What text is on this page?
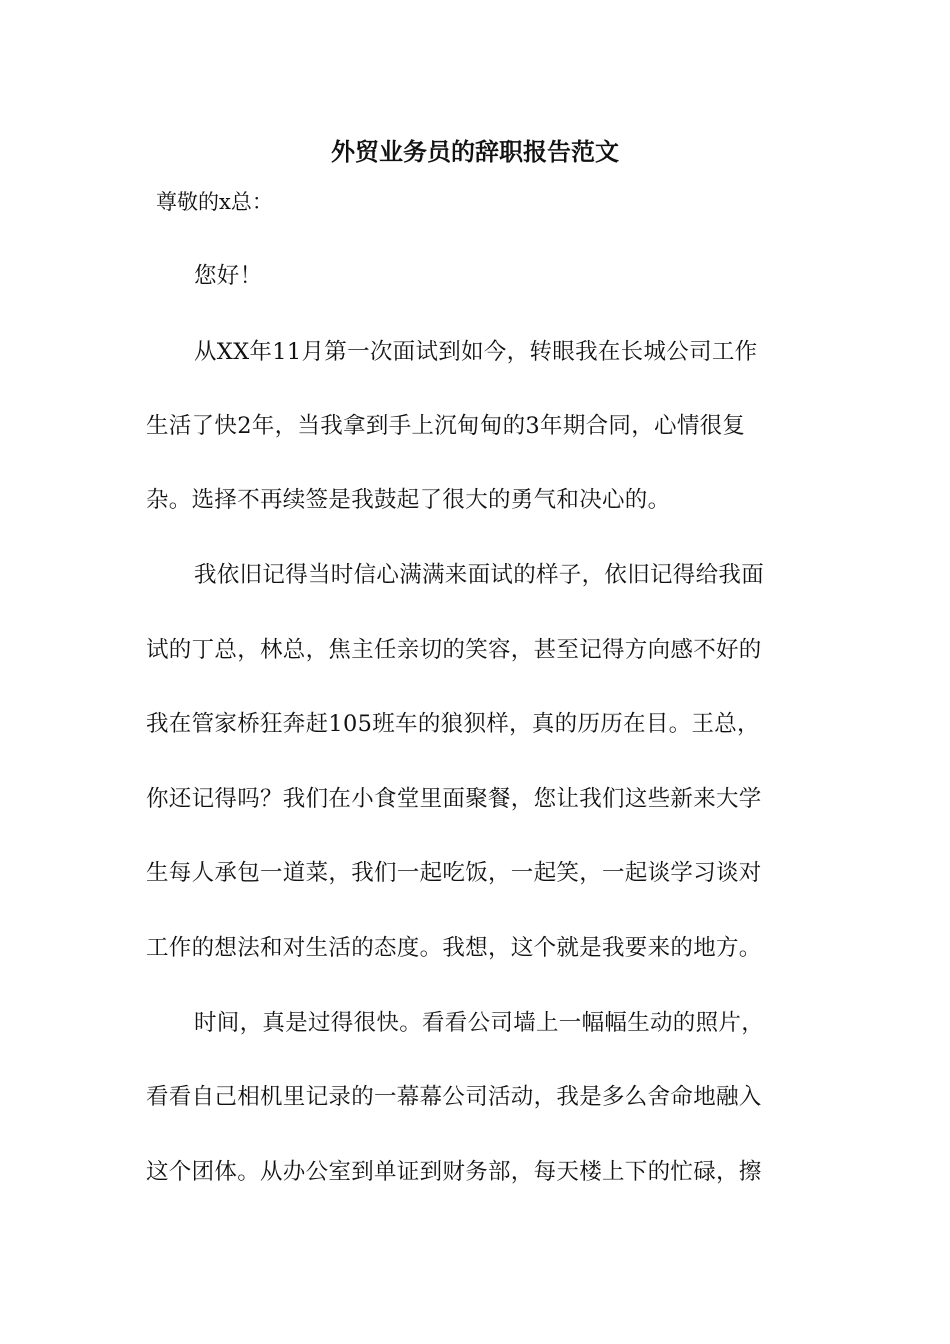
外贸业务员的辞职报告范文
尊敬的x总：
您好！
从XX年11月第一次面试到如今，转眼我在长城公司工作
生活了快2年，当我拿到手上沉甸甸的3年期合同，心情很复
杂。选择不再续签是我鼓起了很大的勇气和决心的。
我依旧记得当时信心满满来面试的样子，依旧记得给我面
试的丁总，林总，焦主任亲切的笑容，甚至记得方向感不好的
我在管家桥狂奔赶105班车的狼狈样，真的历历在目。王总，
你还记得吗？我们在小食堂里面聚餐，您让我们这些新来大学
生每人承包一道菜，我们一起吃饭，一起笑，一起谈学习谈对
工作的想法和对生活的态度。我想，这个就是我要来的地方。
时间，真是过得很快。看看公司墙上一幅幅生动的照片，
看看自己相机里记录的一幕幕公司活动，我是多么舍命地融入
这个团体。从办公室到单证到财务部，每天楼上下的忙碌，擦
